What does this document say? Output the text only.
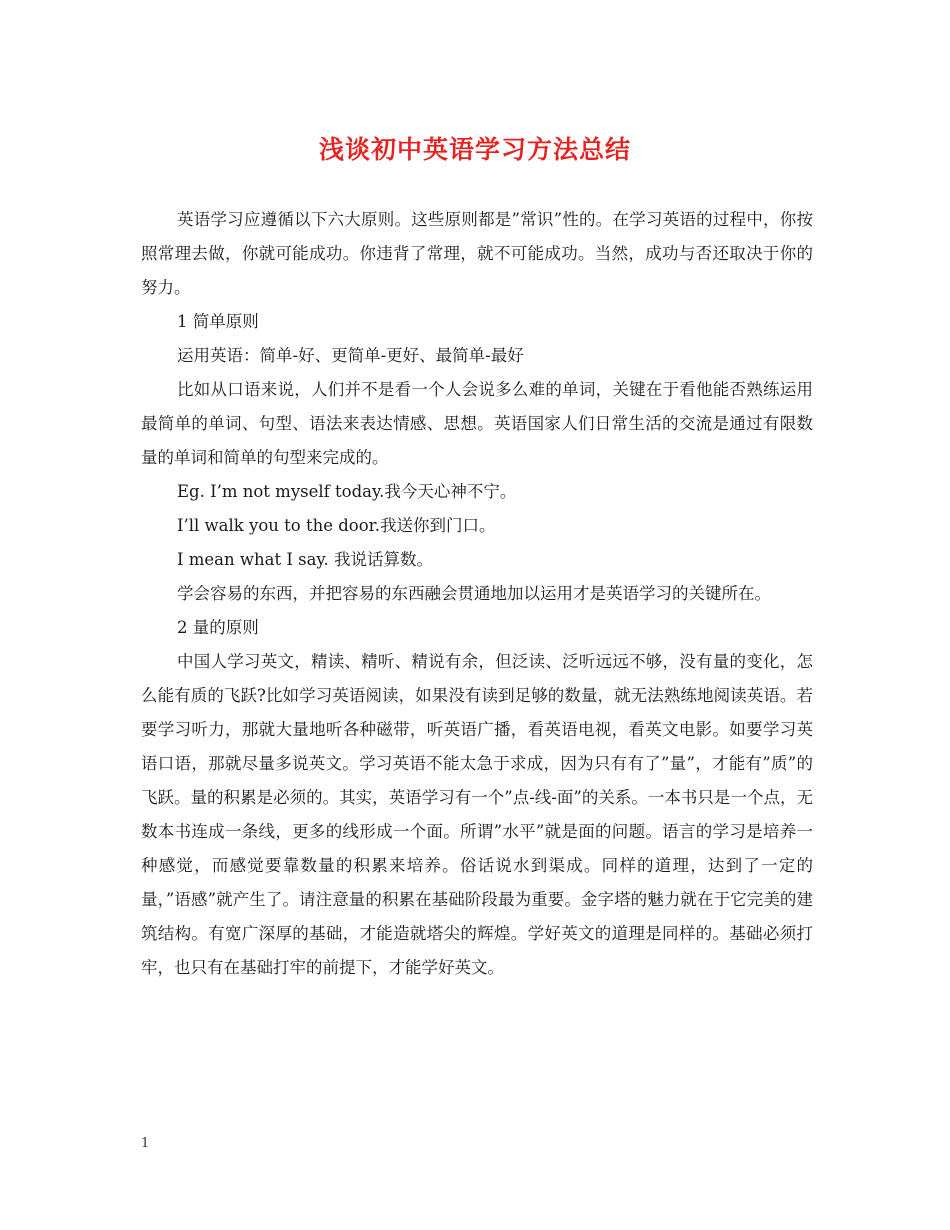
浅谈初中英语学习方法总结

英语学习应遵循以下六大原则。这些原则都是”常识”性的。在学习英语的过程中，你按照常理去做，你就可能成功。你违背了常理，就不可能成功。当然，成功与否还取决于你的努力。

1 简单原则

运用英语：简单-好、更简单-更好、最简单-最好

比如从口语来说，人们并不是看一个人会说多么难的单词，关键在于看他能否熟练运用最简单的单词、句型、语法来表达情感、思想。英语国家人们日常生活的交流是通过有限数量的单词和简单的句型来完成的。

Eg. I’m not myself today.我今天心神不宁。

I’ll walk you to the door.我送你到门口。

I mean what I say. 我说话算数。

学会容易的东西，并把容易的东西融会贯通地加以运用才是英语学习的关键所在。

2 量的原则

中国人学习英文，精读、精听、精说有余，但泛读、泛听远远不够，没有量的变化，怎么能有质的飞跃?比如学习英语阅读，如果没有读到足够的数量，就无法熟练地阅读英语。若要学习听力，那就大量地听各种磁带，听英语广播，看英语电视，看英文电影。如要学习英语口语，那就尽量多说英文。学习英语不能太急于求成，因为只有有了”量”，才能有”质”的飞跃。量的积累是必须的。其实，英语学习有一个”点-线-面”的关系。一本书只是一个点，无数本书连成一条线，更多的线形成一个面。所谓”水平”就是面的问题。语言的学习是培养一种感觉，而感觉要靠数量的积累来培养。俗话说水到渠成。同样的道理，达到了一定的量，”语感”就产生了。请注意量的积累在基础阶段最为重要。金字塔的魅力就在于它完美的建筑结构。有宽广深厚的基础，才能造就塔尖的辉煌。学好英文的道理是同样的。基础必须打牢，也只有在基础打牢的前提下，才能学好英文。

1
